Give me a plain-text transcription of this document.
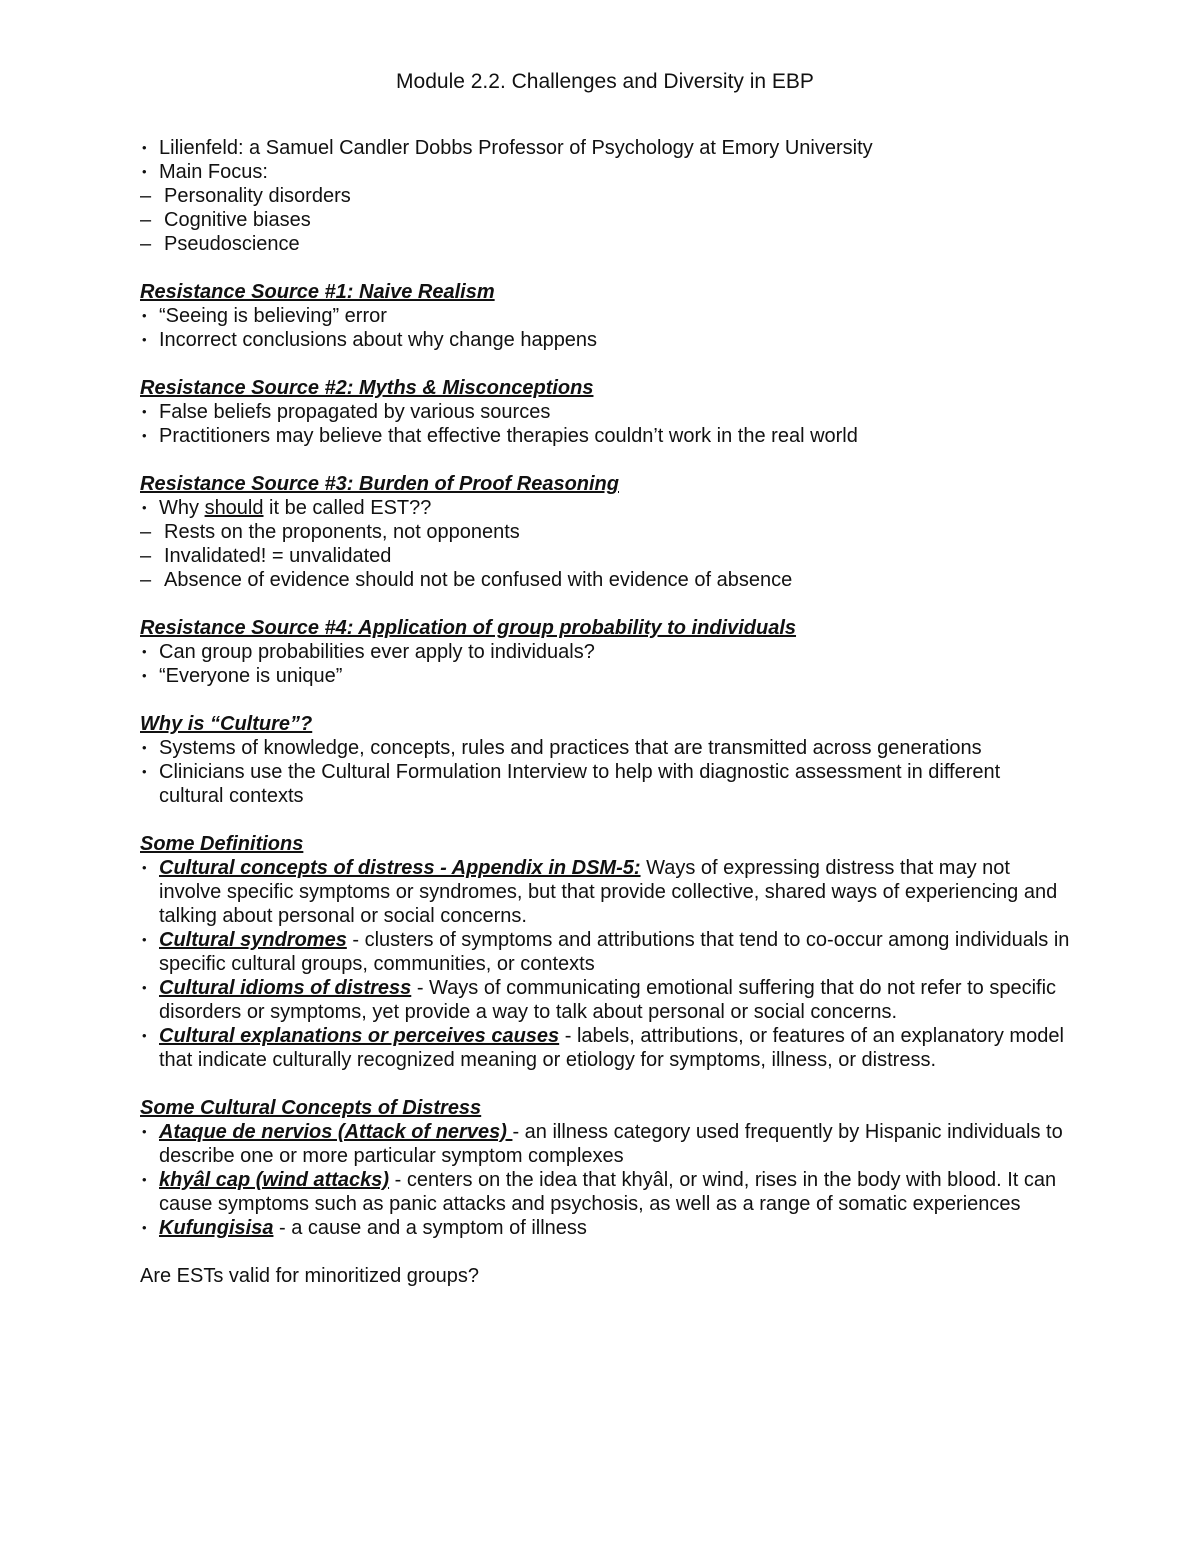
Module 2.2. Challenges and Diversity in EBP
• Lilienfeld: a Samuel Candler Dobbs Professor of Psychology at Emory University
• Main Focus:
– Personality disorders
– Cognitive biases
– Pseudoscience
Resistance Source #1: Naive Realism
• “Seeing is believing” error
• Incorrect conclusions about why change happens
Resistance Source #2: Myths & Misconceptions
• False beliefs propagated by various sources
• Practitioners may believe that effective therapies couldn’t work in the real world
Resistance Source #3: Burden of Proof Reasoning
• Why should it be called EST??
– Rests on the proponents, not opponents
– Invalidated! = unvalidated
– Absence of evidence should not be confused with evidence of absence
Resistance Source #4: Application of group probability to individuals
• Can group probabilities ever apply to individuals?
• “Everyone is unique”
Why is “Culture”?
• Systems of knowledge, concepts, rules and practices that are transmitted across generations
• Clinicians use the Cultural Formulation Interview to help with diagnostic assessment in different cultural contexts
Some Definitions
• Cultural concepts of distress - Appendix in DSM-5: Ways of expressing distress that may not involve specific symptoms or syndromes, but that provide collective, shared ways of experiencing and talking about personal or social concerns.
• Cultural syndromes - clusters of symptoms and attributions that tend to co-occur among individuals in specific cultural groups, communities, or contexts
• Cultural idioms of distress - Ways of communicating emotional suffering that do not refer to specific disorders or symptoms, yet provide a way to talk about personal or social concerns.
• Cultural explanations or perceives causes - labels, attributions, or features of an explanatory model that indicate culturally recognized meaning or etiology for symptoms, illness, or distress.
Some Cultural Concepts of Distress
• Ataque de nervios (Attack of nerves) - an illness category used frequently by Hispanic individuals to describe one or more particular symptom complexes
• khyâl cap (wind attacks) - centers on the idea that khyâl, or wind, rises in the body with blood. It can cause symptoms such as panic attacks and psychosis, as well as a range of somatic experiences
• Kufungisisa - a cause and a symptom of illness
Are ESTs valid for minoritized groups?
